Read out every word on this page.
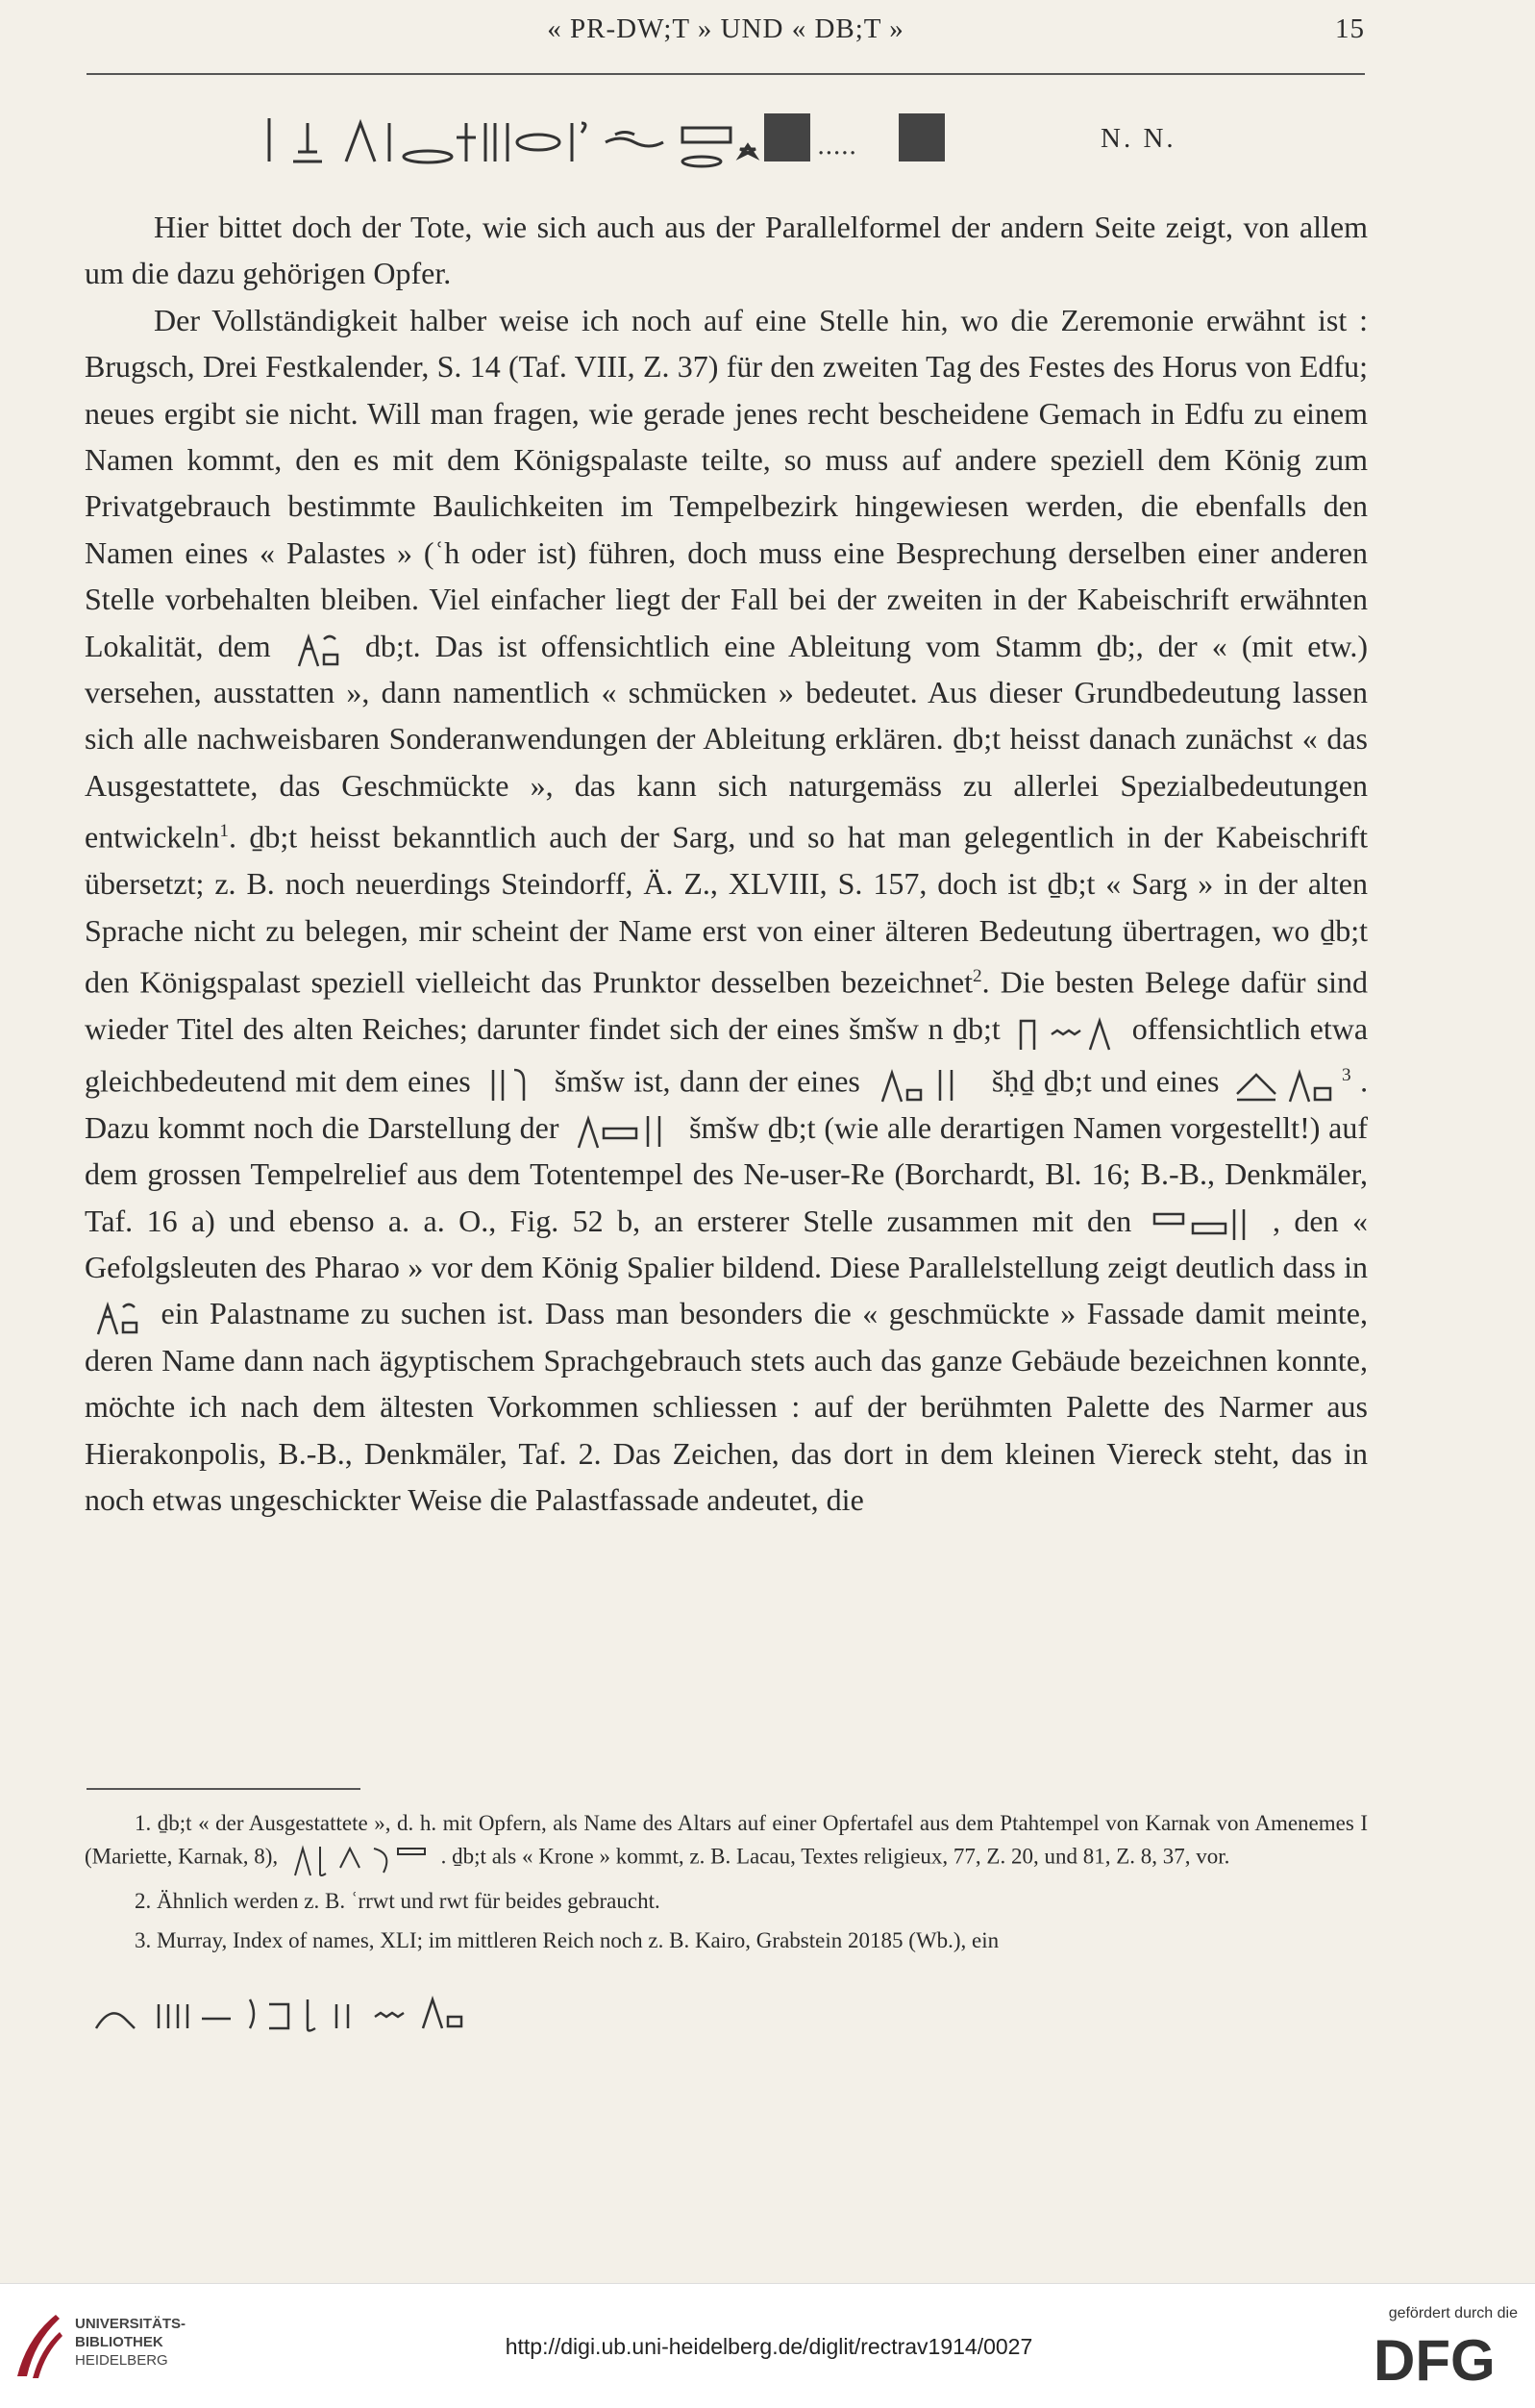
« PR-DW;T » UND « DB;T »	15
.....	N. N.

Hier bittet doch der Tote, wie sich auch aus der Parallelformel der andern Seite zeigt, von allem um die dazu gehörigen Opfer.

Der Vollständigkeit halber weise ich noch auf eine Stelle hin, wo die Zeremonie erwähnt ist : Brugsch, Drei Festkalender, S. 14 (Taf. VIII, Z. 37) für den zweiten Tag des Festes des Horus von Edfu; neues ergibt sie nicht. Will man fragen, wie gerade jenes recht bescheidene Gemach in Edfu zu einem Namen kommt, den es mit dem Königspalaste teilte, so muss auf andere speziell dem König zum Privatgebrauch bestimmte Baulichkeiten im Tempelbezirk hingewiesen werden, die ebenfalls den Namen eines « Palastes » (ʿh oder ist) führen, doch muss eine Besprechung derselben einer anderen Stelle vorbehalten bleiben. Viel einfacher liegt der Fall bei der zweiten in der Kabeischrift erwähnten Lokalität, dem	db;t. Das ist offensichtlich eine Ableitung vom Stamm ḏb;, der « (mit etw.) versehen, ausstatten », dann namentlich « schmücken » bedeutet. Aus dieser Grundbedeutung lassen sich alle nachweisbaren Sonderanwendungen der Ableitung erklären. ḏb;t heisst danach zunächst « das Ausgestattete, das Geschmückte », das kann sich naturgemäss zu allerlei Spezialbedeutungen entwickeln$^1$. ḏb;t heisst bekanntlich auch der Sarg, und so hat man gelegentlich in der Kabeischrift übersetzt; z. B. noch neuerdings Steindorff, Ä. Z., XLVIII, S. 157, doch ist ḏb;t « Sarg » in der alten Sprache nicht zu belegen, mir scheint der Name erst von einer älteren Bedeutung übertragen, wo ḏb;t den Königspalast speziell vielleicht das Prunktor desselben bezeichnet$^2$. Die besten Belege dafür sind wieder Titel des alten Reiches; darunter findet sich der eines šmšw n ḏb;t	offensichtlich etwa gleichbedeutend mit dem eines	šmšw ist, dann der eines	šḥḏ ḏb;t und eines	$^3$ . Dazu kommt noch die Darstellung der	šmšw ḏb;t (wie alle derartigen Namen vorgestellt!) auf dem grossen Tempelrelief aus dem Totentempel des Ne-user-Re (Borchardt, Bl. 16; B.-B., Denkmäler, Taf. 16 a) und ebenso a. a. O., Fig. 52 b, an ersterer Stelle zusammen mit den	, den « Gefolgsleuten des Pharao » vor dem König Spalier bildend. Diese Parallelstellung zeigt deutlich dass in  ein Palastname zu suchen ist. Dass man besonders die « geschmückte » Fassade damit meinte, deren Name dann nach ägyptischem Sprachgebrauch stets auch das ganze Gebäude bezeichnen konnte, möchte ich nach dem ältesten Vorkommen schliessen : auf der berühmten Palette des Narmer aus Hierakonpolis, B.-B., Denkmäler, Taf. 2. Das Zeichen, das dort in dem kleinen Viereck steht, das in noch etwas ungeschickter Weise die Palastfassade andeutet, die

1. ḏb;t « der Ausgestattete », d. h. mit Opfern, als Name des Altars auf einer Opfertafel aus dem Ptahtempel von Karnak von Amenemes I (Mariette, Karnak, 8),	. ḏb;t als « Krone » kommt, z. B. Lacau, Textes religieux, 77, Z. 20, und 81, Z. 8, 37, vor.

2. Ähnlich werden z. B. ʿrrwt und rwt für beides gebraucht.

3. Murray, Index of names, XLI; im mittleren Reich noch z. B. Kairo, Grabstein 20185 (Wb.), ein

UNIVERSITÄTS-
BIBLIOTHEK
HEIDELBERG
http://digi.ub.uni-heidelberg.de/diglit/rectrav1914/0027
gefördert durch die
DFG
